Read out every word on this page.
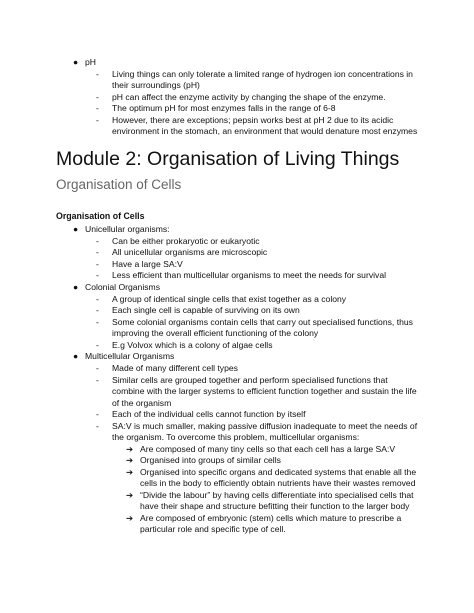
● pH
- Living things can only tolerate a limited range of hydrogen ion concentrations in
their surroundings (pH)
- pH can affect the enzyme activity by changing the shape of the enzyme.
- The optimum pH for most enzymes falls in the range of 6-8
- However, there are exceptions; pepsin works best at pH 2 due to its acidic
environment in the stomach, an environment that would denature most enzymes
Module 2: Organisation of Living Things
Organisation of Cells
Organisation of Cells
● Unicellular organisms:
- Can be either prokaryotic or eukaryotic
- All unicellular organisms are microscopic
- Have a large SA:V
- Less efficient than multicellular organisms to meet the needs for survival
● Colonial Organisms
- A group of identical single cells that exist together as a colony
- Each single cell is capable of surviving on its own
- Some colonial organisms contain cells that carry out specialised functions, thus
improving the overall efficient functioning of the colony
- E.g Volvox which is a colony of algae cells
● Multicellular Organisms
- Made of many different cell types
- Similar cells are grouped together and perform specialised functions that
combine with the larger systems to efficient function together and sustain the life
of the organism
- Each of the individual cells cannot function by itself
- SA:V is much smaller, making passive diffusion inadequate to meet the needs of
the organism. To overcome this problem, multicellular organisms:
➔ Are composed of many tiny cells so that each cell has a large SA:V
➔ Organised into groups of similar cells
➔ Organised into specific organs and dedicated systems that enable all the
cells in the body to efficiently obtain nutrients have their wastes removed
➔ “Divide the labour” by having cells differentiate into specialised cells that
have their shape and structure befitting their function to the larger body
➔ Are composed of embryonic (stem) cells which mature to prescribe a
particular role and specific type of cell.
